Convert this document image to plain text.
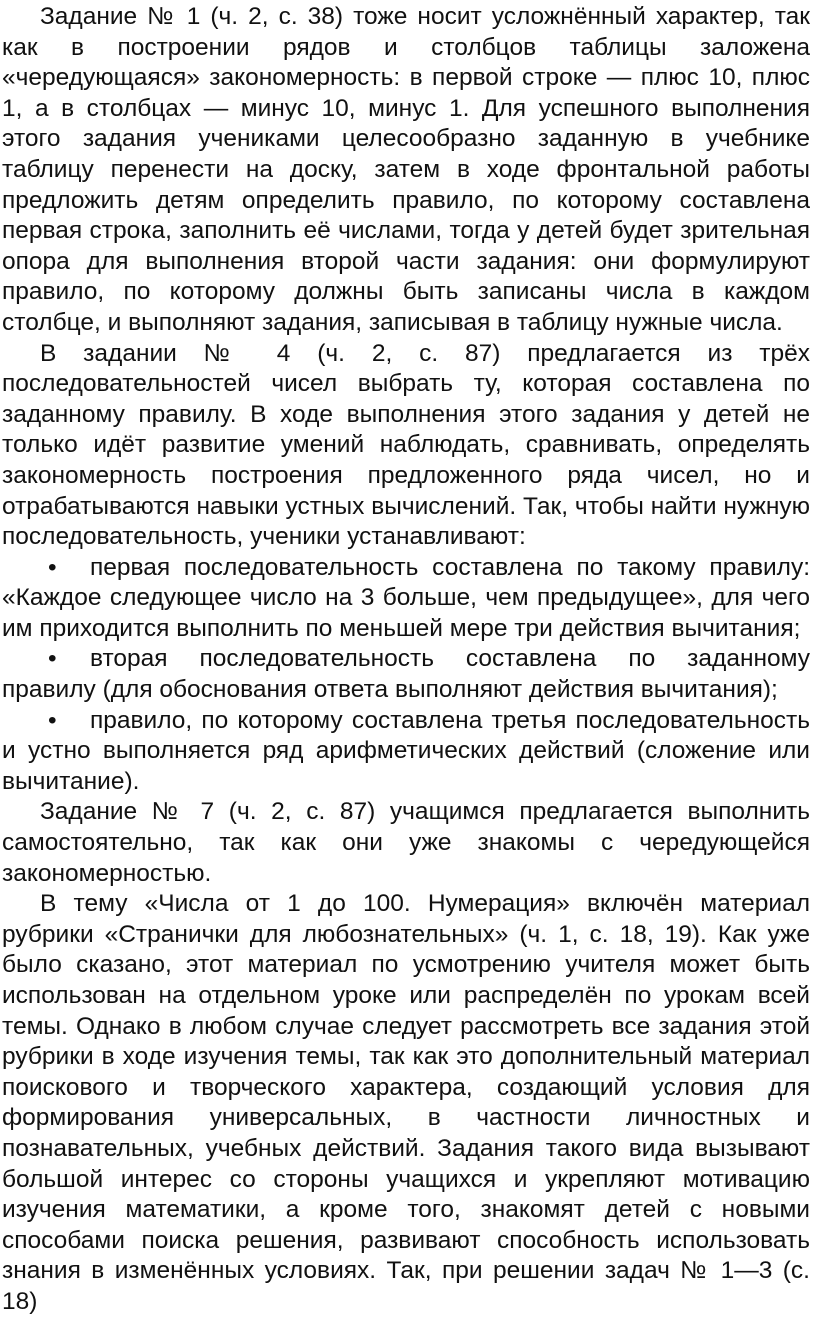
Задание № 1 (ч. 2, с. 38) тоже носит усложнённый характер, так как в построении рядов и столбцов таблицы заложена «чередующаяся» закономерность: в первой строке — плюс 10, плюс 1, а в столбцах — минус 10, минус 1. Для успешного выполнения этого задания учениками целесообразно заданную в учебнике таблицу перенести на доску, затем в ходе фронтальной работы предложить детям определить правило, по которому составлена первая строка, заполнить её числами, тогда у детей будет зрительная опора для выполнения второй части задания: они формулируют правило, по которому должны быть записаны числа в каждом столбце, и выполняют задания, записывая в таблицу нужные числа.

В задании № 4 (ч. 2, с. 87) предлагается из трёх последовательностей чисел выбрать ту, которая составлена по заданному правилу. В ходе выполнения этого задания у детей не только идёт развитие умений наблюдать, сравнивать, определять закономерность построения предложенного ряда чисел, но и отрабатываются навыки устных вычислений. Так, чтобы найти нужную последовательность, ученики устанавливают:

• первая последовательность составлена по такому правилу: «Каждое следующее число на 3 больше, чем предыдущее», для чего им приходится выполнить по меньшей мере три действия вычитания;

• вторая последовательность составлена по заданному правилу (для обоснования ответа выполняют действия вычитания);

• правило, по которому составлена третья последовательность и устно выполняется ряд арифметических действий (сложение или вычитание).

Задание № 7 (ч. 2, с. 87) учащимся предлагается выполнить самостоятельно, так как они уже знакомы с чередующейся закономерностью.

В тему «Числа от 1 до 100. Нумерация» включён материал рубрики «Странички для любознательных» (ч. 1, с. 18, 19). Как уже было сказано, этот материал по усмотрению учителя может быть использован на отдельном уроке или распределён по урокам всей темы. Однако в любом случае следует рассмотреть все задания этой рубрики в ходе изучения темы, так как это дополнительный материал поискового и творческого характера, создающий условия для формирования универсальных, в частности личностных и познавательных, учебных действий. Задания такого вида вызывают большой интерес со стороны учащихся и укрепляют мотивацию изучения математики, а кроме того, знакомят детей с новыми способами поиска решения, развивают способность использовать знания в изменённых условиях. Так, при решении задач № 1—3 (с. 18)
